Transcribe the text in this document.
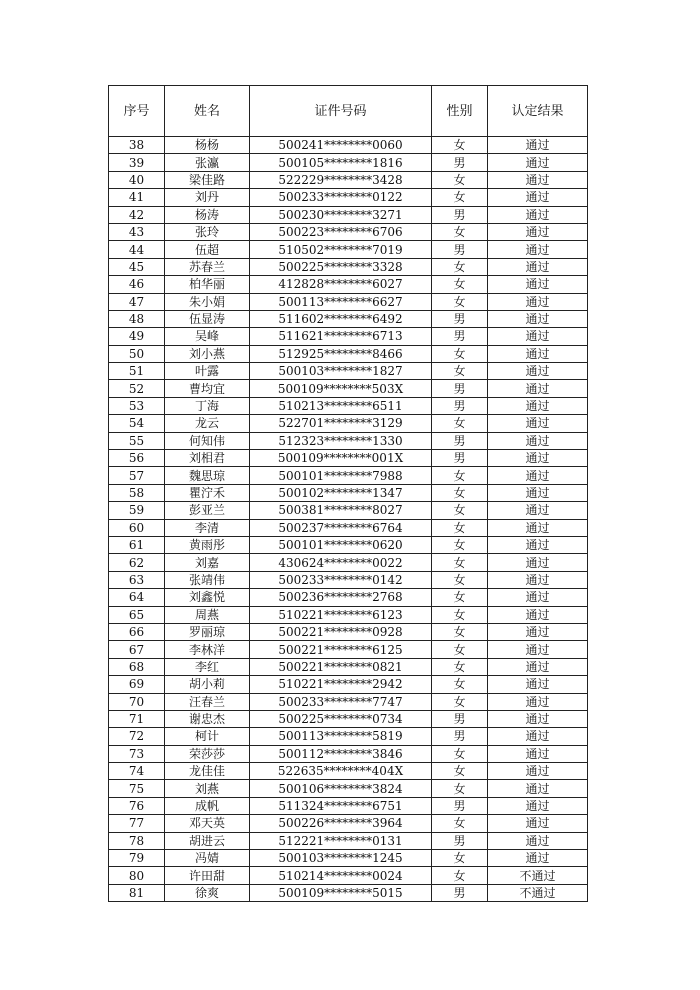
序号	姓名	证件号码	性别	认定结果
38	杨杨	500241********0060	女	通过
39	张瀛	500105********1816	男	通过
40	梁佳路	522229********3428	女	通过
41	刘丹	500233********0122	女	通过
42	杨涛	500230********3271	男	通过
43	张玲	500223********6706	女	通过
44	伍超	510502********7019	男	通过
45	苏春兰	500225********3328	女	通过
46	柏华丽	412828********6027	女	通过
47	朱小娟	500113********6627	女	通过
48	伍显涛	511602********6492	男	通过
49	吴峰	511621********6713	男	通过
50	刘小燕	512925********8466	女	通过
51	叶露	500103********1827	女	通过
52	曹均宜	500109********503X	男	通过
53	丁海	510213********6511	男	通过
54	龙云	522701********3129	女	通过
55	何知伟	512323********1330	男	通过
56	刘相君	500109********001X	男	通过
57	魏思琼	500101********7988	女	通过
58	瞿泞禾	500102********1347	女	通过
59	彭亚兰	500381********8027	女	通过
60	李清	500237********6764	女	通过
61	黄雨彤	500101********0620	女	通过
62	刘嘉	430624********0022	女	通过
63	张靖伟	500233********0142	女	通过
64	刘鑫悦	500236********2768	女	通过
65	周燕	510221********6123	女	通过
66	罗丽琼	500221********0928	女	通过
67	李林洋	500221********6125	女	通过
68	李红	500221********0821	女	通过
69	胡小莉	510221********2942	女	通过
70	汪春兰	500233********7747	女	通过
71	谢忠杰	500225********0734	男	通过
72	柯计	500113********5819	男	通过
73	荣莎莎	500112********3846	女	通过
74	龙佳佳	522635********404X	女	通过
75	刘燕	500106********3824	女	通过
76	成帆	511324********6751	男	通过
77	邓天英	500226********3964	女	通过
78	胡进云	512221********0131	男	通过
79	冯婧	500103********1245	女	通过
80	许田甜	510214********0024	女	不通过
81	徐爽	500109********5015	男	不通过
